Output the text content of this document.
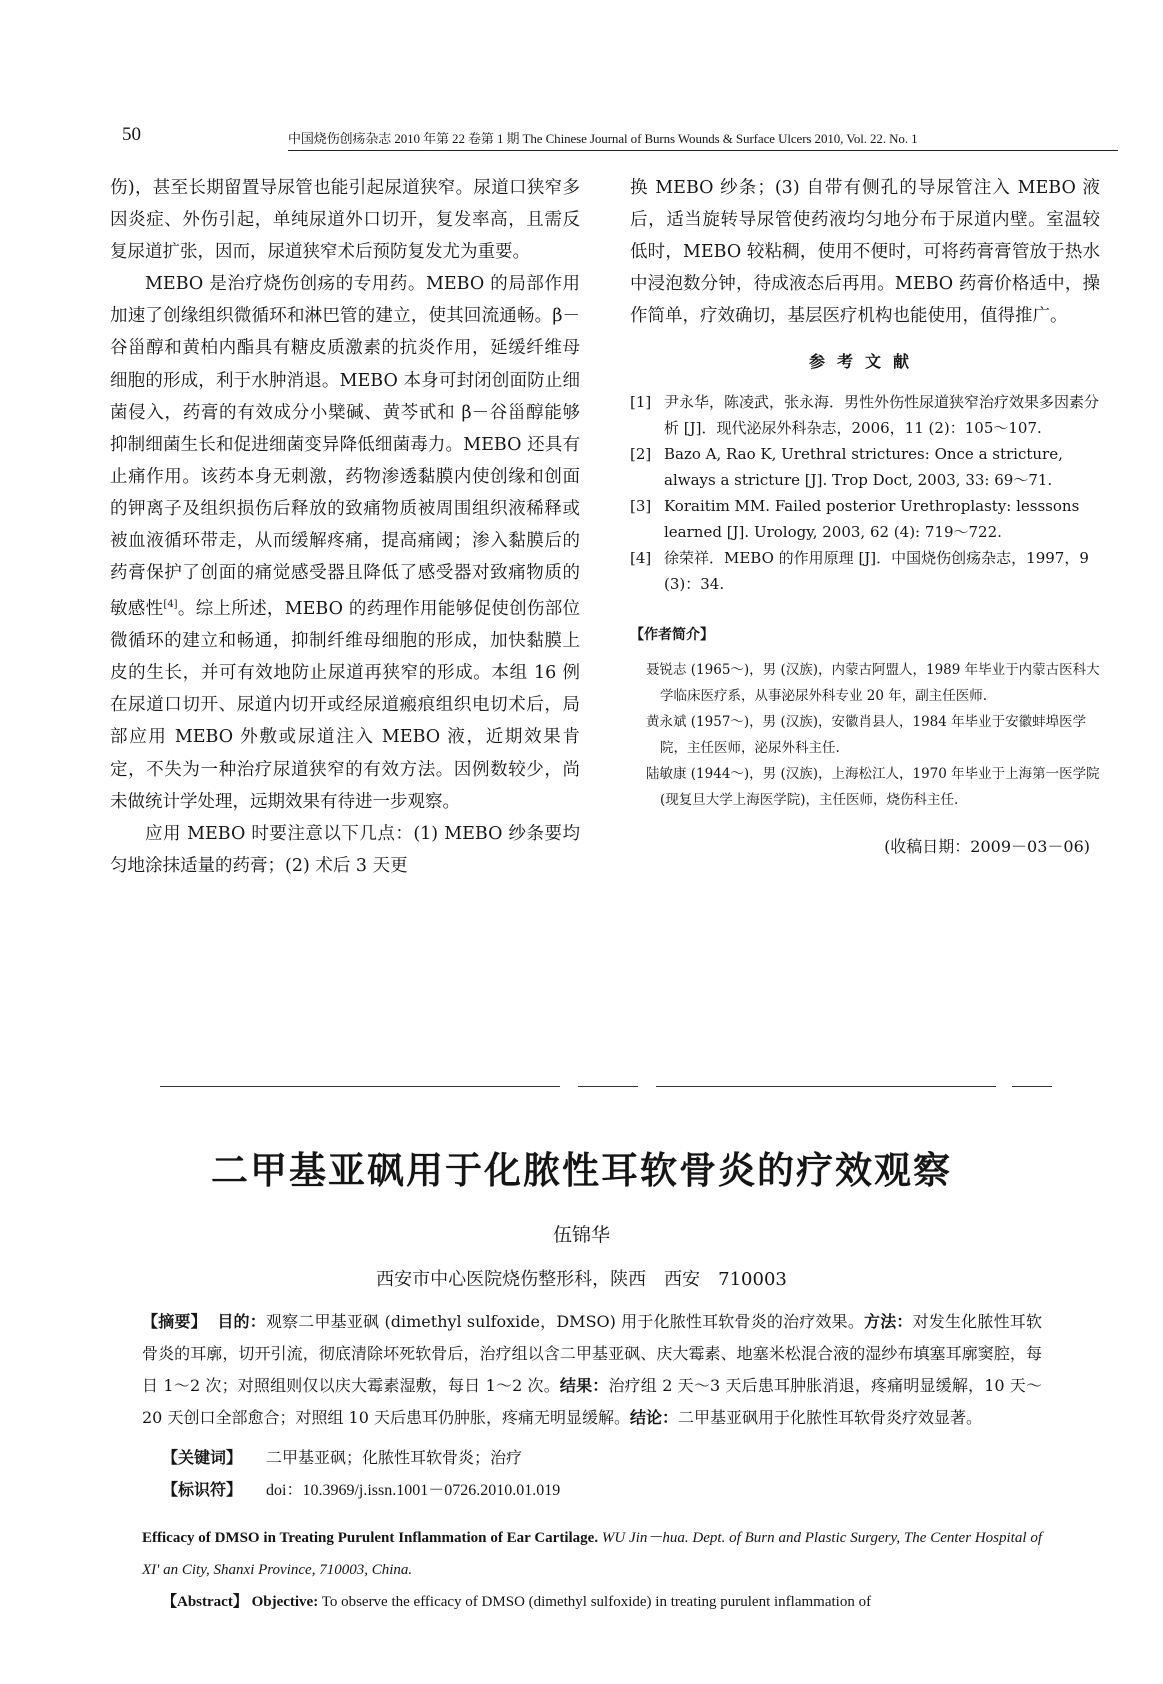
50	中国烧伤创疡杂志 2010 年第 22 卷第 1 期 The Chinese Journal of Burns Wounds & Surface Ulcers 2010, Vol. 22. No. 1

伤)，甚至长期留置导尿管也能引起尿道狭窄。尿道口狭窄多因炎症、外伤引起，单纯尿道外口切开，复发率高，且需反复尿道扩张，因而，尿道狭窄术后预防复发尤为重要。

MEBO 是治疗烧伤创疡的专用药。MEBO 的局部作用加速了创缘组织微循环和淋巴管的建立，使其回流通畅。β－谷甾醇和黄柏内酯具有糖皮质激素的抗炎作用，延缓纤维母细胞的形成，利于水肿消退。MEBO 本身可封闭创面防止细菌侵入，药膏的有效成分小檗碱、黄芩甙和 β－谷甾醇能够抑制细菌生长和促进细菌变异降低细菌毒力。MEBO 还具有止痛作用。该药本身无刺激，药物渗透黏膜内使创缘和创面的钾离子及组织损伤后释放的致痛物质被周围组织液稀释或被血液循环带走，从而缓解疼痛，提高痛阈；渗入黏膜后的药膏保护了创面的痛觉感受器且降低了感受器对致痛物质的敏感性[4]。综上所述，MEBO 的药理作用能够促使创伤部位微循环的建立和畅通，抑制纤维母细胞的形成，加快黏膜上皮的生长，并可有效地防止尿道再狭窄的形成。本组 16 例在尿道口切开、尿道内切开或经尿道瘢痕组织电切术后，局部应用 MEBO 外敷或尿道注入 MEBO 液，近期效果肯定，不失为一种治疗尿道狭窄的有效方法。因例数较少，尚未做统计学处理，远期效果有待进一步观察。

应用 MEBO 时要注意以下几点：(1) MEBO 纱条要均匀地涂抹适量的药膏；(2) 术后 3 天更

换 MEBO 纱条；(3) 自带有侧孔的导尿管注入 MEBO 液后，适当旋转导尿管使药液均匀地分布于尿道内壁。室温较低时，MEBO 较粘稠，使用不便时，可将药膏膏管放于热水中浸泡数分钟，待成液态后再用。MEBO 药膏价格适中，操作简单，疗效确切，基层医疗机构也能使用，值得推广。

参考文献

[1] 尹永华，陈凌武，张永海．男性外伤性尿道狭窄治疗效果多因素分析 [J]．现代泌尿外科杂志，2006，11 (2)：105～107.

[2] Bazo A, Rao K, Urethral strictures: Once a stricture, always a stricture [J]. Trop Doct, 2003, 33: 69～71.

[3] Koraitim MM. Failed posterior Urethroplasty: lesssons learned [J]. Urology, 2003, 62 (4): 719～722.

[4] 徐荣祥．MEBO 的作用原理 [J]．中国烧伤创疡杂志，1997，9 (3)：34.

【作者简介】

聂锐志 (1965～)，男 (汉族)，内蒙古阿盟人，1989 年毕业于内蒙古医科大学临床医疗系，从事泌尿外科专业 20 年，副主任医师.

黄永斌 (1957～)，男 (汉族)，安徽肖县人，1984 年毕业于安徽蚌埠医学院，主任医师，泌尿外科主任.

陆敏康 (1944～)，男 (汉族)，上海松江人，1970 年毕业于上海第一医学院 (现复旦大学上海医学院)，主任医师，烧伤科主任.

(收稿日期：2009－03－06)
二甲基亚砜用于化脓性耳软骨炎的疗效观察
伍锦华
西安市中心医院烧伤整形科，陕西　西安　710003

【摘要】 目的：观察二甲基亚砜 (dimethyl sulfoxide，DMSO) 用于化脓性耳软骨炎的治疗效果。方法：对发生化脓性耳软骨炎的耳廓，切开引流，彻底清除坏死软骨后，治疗组以含二甲基亚砜、庆大霉素、地塞米松混合液的湿纱布填塞耳廓窦腔，每日 1～2 次；对照组则仅以庆大霉素湿敷，每日 1～2 次。结果：治疗组 2 天～3 天后患耳肿胀消退，疼痛明显缓解，10 天～20 天创口全部愈合；对照组 10 天后患耳仍肿胀，疼痛无明显缓解。结论：二甲基亚砜用于化脓性耳软骨炎疗效显著。

【关键词】 二甲基亚砜；化脓性耳软骨炎；治疗

【标识符】 doi：10.3969/j.issn.1001－0726.2010.01.019

Efficacy of DMSO in Treating Purulent Inflammation of Ear Cartilage. WU Jin－hua. Dept. of Burn and Plastic Surgery, The Center Hospital of XI' an City, Shanxi Province, 710003, China.

【Abstract】 Objective: To observe the efficacy of DMSO (dimethyl sulfoxide) in treating purulent inflammation of
